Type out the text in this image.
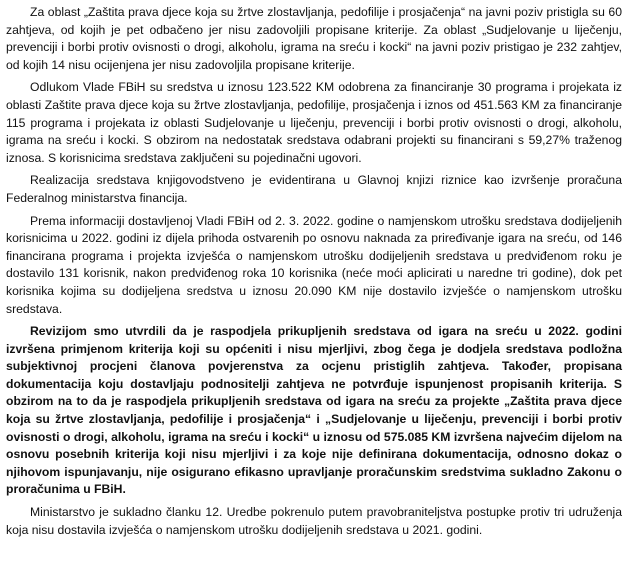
Za oblast „Zaštita prava djece koja su žrtve zlostavljanja, pedofilije i prosjačenja“ na javni poziv pristigla su 60 zahtjeva, od kojih je pet odbačeno jer nisu zadovoljili propisane kriterije. Za oblast „Sudjelovanje u liječenju, prevenciji i borbi protiv ovisnosti o drogi, alkoholu, igrama na sreću i kocki“ na javni poziv pristigao je 232 zahtjev, od kojih 14 nisu ocijenjena jer nisu zadovoljila propisane kriterije.

Odlukom Vlade FBiH su sredstva u iznosu 123.522 KM odobrena za financiranje 30 programa i projekata iz oblasti Zaštite prava djece koja su žrtve zlostavljanja, pedofilije, prosjačenja i iznos od 451.563 KM za financiranje 115 programa i projekata iz oblasti Sudjelovanje u liječenju, prevenciji i borbi protiv ovisnosti o drogi, alkoholu, igrama na sreću i kocki. S obzirom na nedostatak sredstava odabrani projekti su financirani s 59,27% traženog iznosa. S korisnicima sredstava zaključeni su pojedinačni ugovori.

Realizacija sredstava knjigovodstveno je evidentirana u Glavnoj knjizi riznice kao izvršenje proračuna Federalnog ministarstva financija.

Prema informaciji dostavljenoj Vladi FBiH od 2. 3. 2022. godine o namjenskom utrošku sredstava dodijeljenih korisnicima u 2022. godini iz dijela prihoda ostvarenih po osnovu naknada za priređivanje igara na sreću, od 146 financirana programa i projekta izvješća o namjenskom utrošku dodijeljenih sredstava u predviđenom roku je dostavilo 131 korisnik, nakon predviđenog roka 10 korisnika (neće moći aplicirati u naredne tri godine), dok pet korisnika kojima su dodijeljena sredstva u iznosu 20.090 KM nije dostavilo izvješće o namjenskom utrošku sredstava.

Revizijom smo utvrdili da je raspodjela prikupljenih sredstava od igara na sreću u 2022. godini izvršena primjenom kriterija koji su općeniti i nisu mjerljivi, zbog čega je dodjela sredstava podložna subjektivnoj procjeni članova povjerenstva za ocjenu pristiglih zahtjeva. Također, propisana dokumentacija koju dostavljaju podnositelji zahtjeva ne potvrđuje ispunjenost propisanih kriterija. S obzirom na to da je raspodjela prikupljenih sredstava od igara na sreću za projekte „Zaštita prava djece koja su žrtve zlostavljanja, pedofilije i prosjačenja“ i „Sudjelovanje u liječenju, prevenciji i borbi protiv ovisnosti o drogi, alkoholu, igrama na sreću i kocki“ u iznosu od 575.085 KM izvršena najvećim dijelom na osnovu posebnih kriterija koji nisu mjerljivi i za koje nije definirana dokumentacija, odnosno dokaz o njihovom ispunjavanju, nije osigurano efikasno upravljanje proračunskim sredstvima sukladno Zakonu o proračunima u FBiH.

Ministarstvo je sukladno članku 12. Uredbe pokrenulo putem pravobraniteljstva postupke protiv tri udruženja koja nisu dostavila izvješća o namjenskom utrošku dodijeljenih sredstava u 2021. godini.
